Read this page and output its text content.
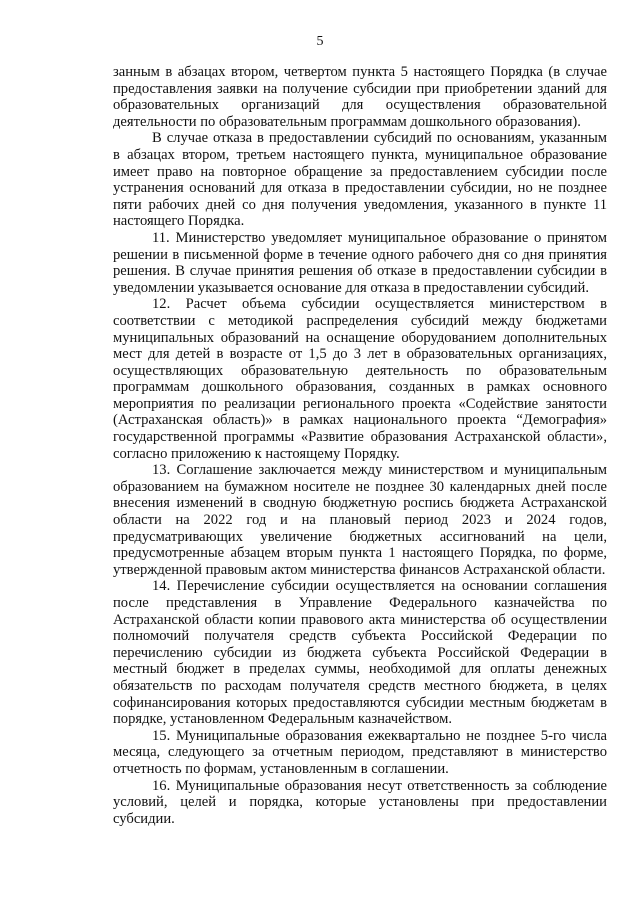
5

занным в абзацах втором, четвертом пункта 5 настоящего Порядка (в случае предоставления заявки на получение субсидии при приобретении зданий для образовательных организаций для осуществления образовательной деятельности по образовательным программам дошкольного образования).

В случае отказа в предоставлении субсидий по основаниям, указанным в абзацах втором, третьем настоящего пункта, муниципальное образование имеет право на повторное обращение за предоставлением субсидии после устранения оснований для отказа в предоставлении субсидии, но не позднее пяти рабочих дней со дня получения уведомления, указанного в пункте 11 настоящего Порядка.

11. Министерство уведомляет муниципальное образование о принятом решении в письменной форме в течение одного рабочего дня со дня принятия решения. В случае принятия решения об отказе в предоставлении субсидии в уведомлении указывается основание для отказа в предоставлении субсидий.

12. Расчет объема субсидии осуществляется министерством в соответствии с методикой распределения субсидий между бюджетами муниципальных образований на оснащение оборудованием дополнительных мест для детей в возрасте от 1,5 до 3 лет в образовательных организациях, осуществляющих образовательную деятельность по образовательным программам дошкольного образования, созданных в рамках основного мероприятия по реализации регионального проекта «Содействие занятости (Астраханская область)» в рамках национального проекта “Демография» государственной программы «Развитие образования Астраханской области», согласно приложению к настоящему Порядку.

13. Соглашение заключается между министерством и муниципальным образованием на бумажном носителе не позднее 30 календарных дней после внесения изменений в сводную бюджетную роспись бюджета Астраханской области на 2022 год и на плановый период 2023 и 2024 годов, предусматривающих увеличение бюджетных ассигнований на цели, предусмотренные абзацем вторым пункта 1 настоящего Порядка, по форме, утвержденной правовым актом министерства финансов Астраханской области.

14. Перечисление субсидии осуществляется на основании соглашения после представления в Управление Федерального казначейства по Астраханской области копии правового акта министерства об осуществлении полномочий получателя средств субъекта Российской Федерации по перечислению субсидии из бюджета субъекта Российской Федерации в местный бюджет в пределах суммы, необходимой для оплаты денежных обязательств по расходам получателя средств местного бюджета, в целях софинансирования которых предоставляются субсидии местным бюджетам в порядке, установленном Федеральным казначейством.

15. Муниципальные образования ежеквартально не позднее 5-го числа месяца, следующего за отчетным периодом, представляют в министерство отчетность по формам, установленным в соглашении.

16. Муниципальные образования несут ответственность за соблюдение условий, целей и порядка, которые установлены при предоставлении субсидии.
